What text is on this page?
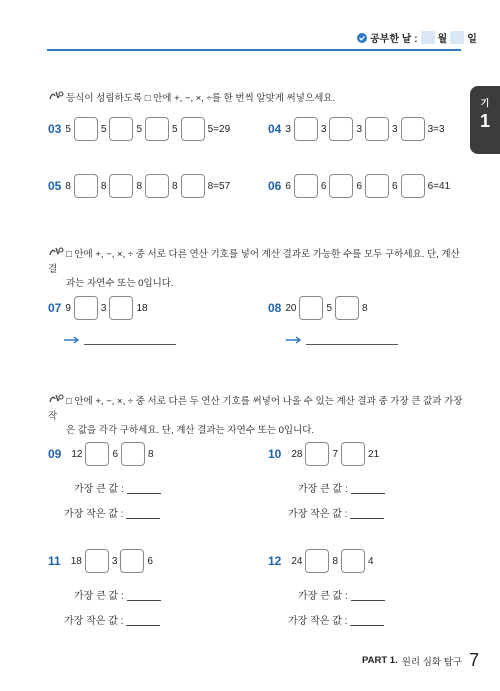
공부한 날 : 월 일
기
1
등식이 성립하도록 □ 안에 +, −, ×, ÷를 한 번씩 알맞게 써넣으세요.
03 5	5	5	5	5=29	04 3	3	3	3	3=3
05 8	8	8	8	8=57	06 6	6	6	6	6=41
□ 안에 +, −, ×, ÷ 중 서로 다른 연산 기호를 넣어 계산 결과로 가능한 수를 모두 구하세요. 단, 계산 결
과는 자연수 또는 0입니다.
07 9	3	18	08 20	5	8
□ 안에 +, −, ×, ÷ 중 서로 다른 두 연산 기호를 써넣어 나올 수 있는 계산 결과 중 가장 큰 값과 가장 작
은 값을 각각 구하세요. 단, 계산 결과는 자연수 또는 0입니다.
09 12	6	8
가장 큰 값 :
가장 작은 값 :
10 28	7	21
가장 큰 값 :
가장 작은 값 :
11 18	3	6
가장 큰 값 :
가장 작은 값 :
12 24	8	4
가장 큰 값 :
가장 작은 값 :
PART 1. 원리 심화 탐구 7
